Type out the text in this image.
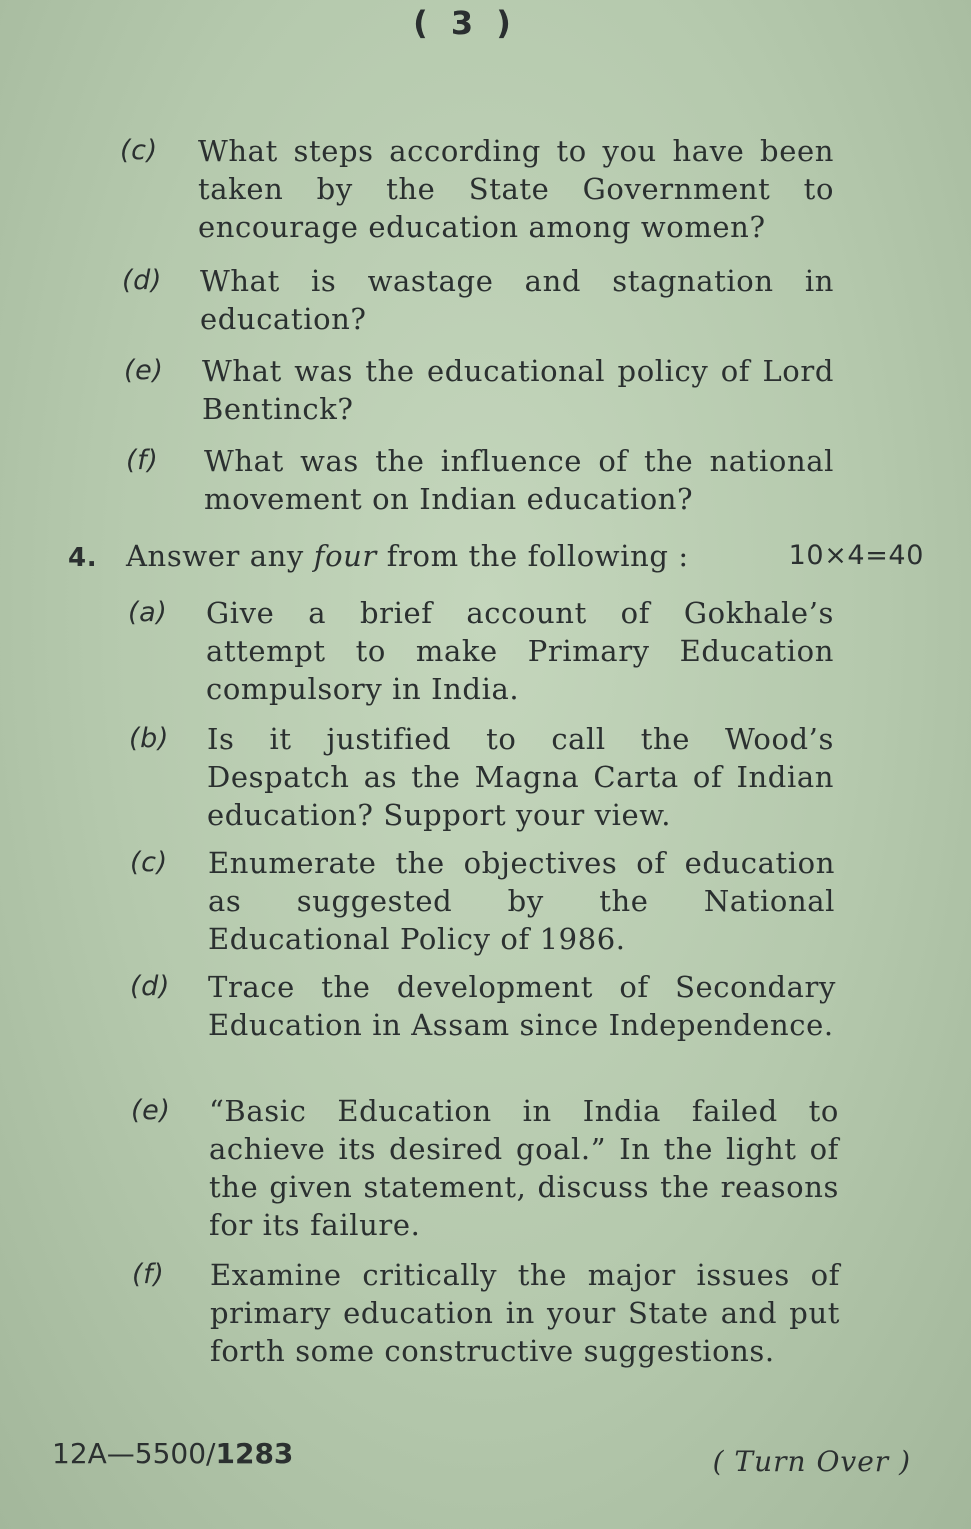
( 3 )
(c) What steps according to you have been taken by the State Government to encourage education among women?
(d) What is wastage and stagnation in education?
(e) What was the educational policy of Lord Bentinck?
(f) What was the influence of the national movement on Indian education?
4. Answer any four from the following :	10×4=40
(a) Give a brief account of Gokhale’s attempt to make Primary Education compulsory in India.
(b) Is it justified to call the Wood’s Despatch as the Magna Carta of Indian education? Support your view.
(c) Enumerate the objectives of education as suggested by the National Educational Policy of 1986.
(d) Trace the development of Secondary Education in Assam since Independence.
(e) “Basic Education in India failed to achieve its desired goal.” In the light of the given statement, discuss the reasons for its failure.
(f) Examine critically the major issues of primary education in your State and put forth some constructive suggestions.
12A—5500/1283	( Turn Over )
